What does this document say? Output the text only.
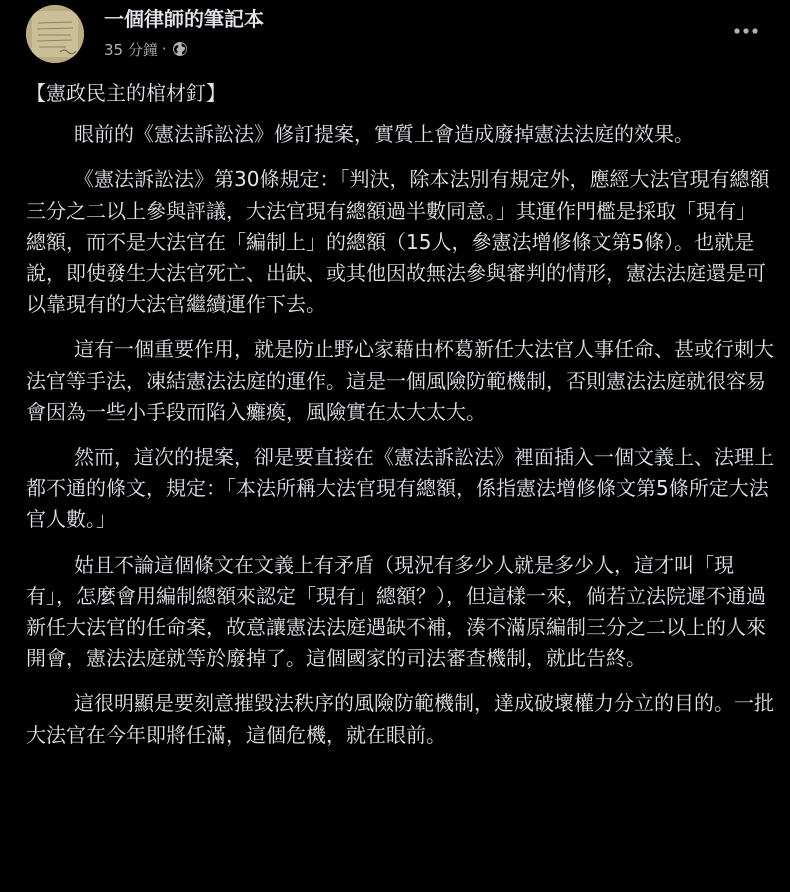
一個律師的筆記本
35 分鐘 ·

【憲政民主的棺材釘】

眼前的《憲法訴訟法》修訂提案，實質上會造成廢掉憲法法庭的效果。

《憲法訴訟法》第30條規定：「判決，除本法別有規定外，應經大法官現有總額三分之二以上參與評議，大法官現有總額過半數同意。」其運作門檻是採取「現有」總額，而不是大法官在「編制上」的總額（15人，參憲法增修條文第5條）。也就是說，即使發生大法官死亡、出缺、或其他因故無法參與審判的情形，憲法法庭還是可以靠現有的大法官繼續運作下去。

這有一個重要作用，就是防止野心家藉由杯葛新任大法官人事任命、甚或行刺大法官等手法，凍結憲法法庭的運作。這是一個風險防範機制，否則憲法法庭就很容易會因為一些小手段而陷入癱瘓，風險實在太大太大。

然而，這次的提案，卻是要直接在《憲法訴訟法》裡面插入一個文義上、法理上都不通的條文，規定：「本法所稱大法官現有總額，係指憲法增修條文第5條所定大法官人數。」

姑且不論這個條文在文義上有矛盾（現況有多少人就是多少人，這才叫「現有」，怎麼會用編制總額來認定「現有」總額？），但這樣一來，倘若立法院遲不通過新任大法官的任命案，故意讓憲法法庭遇缺不補，湊不滿原編制三分之二以上的人來開會，憲法法庭就等於廢掉了。這個國家的司法審查機制，就此告終。

這很明顯是要刻意摧毀法秩序的風險防範機制，達成破壞權力分立的目的。一批大法官在今年即將任滿，這個危機，就在眼前。
